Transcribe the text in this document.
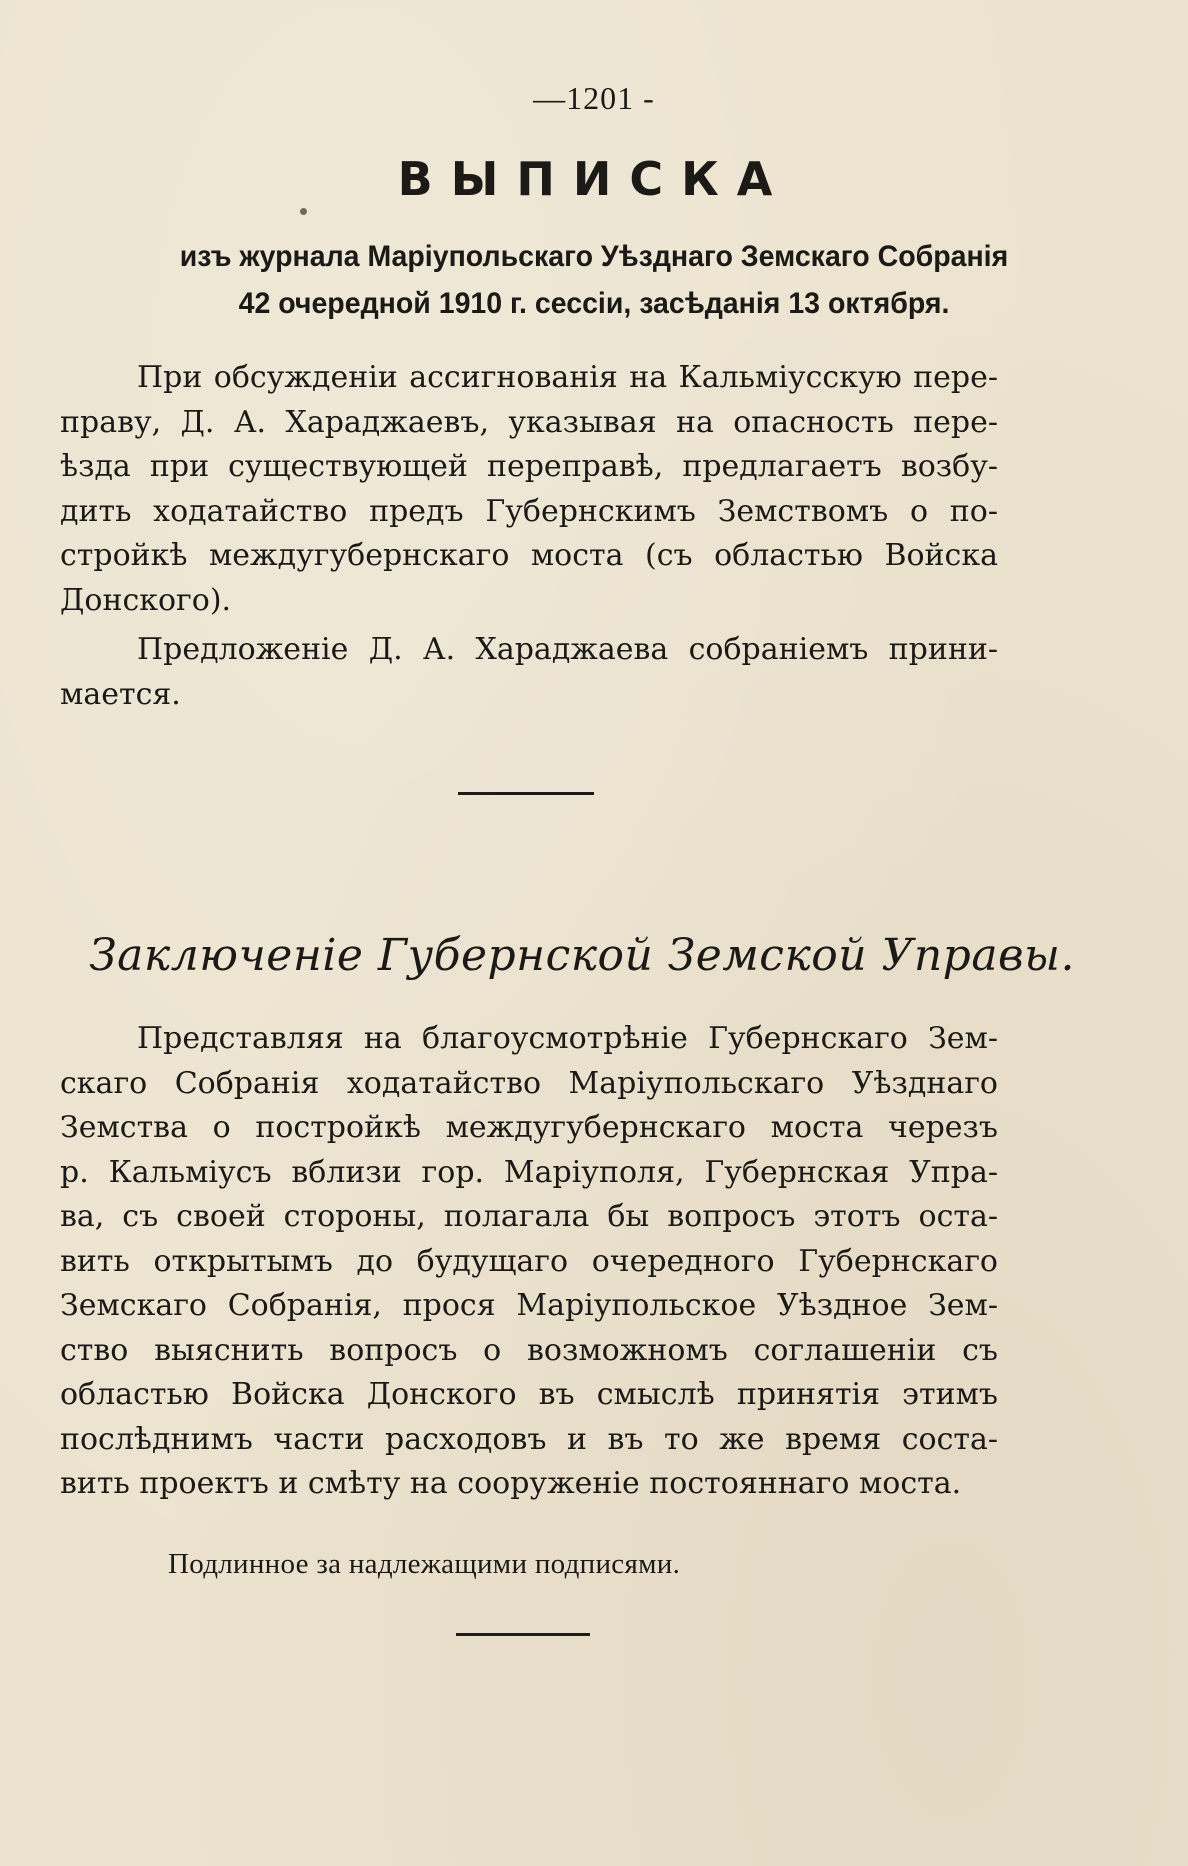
—1201 -
ВЫПИСКА
изъ журнала Маріупольскаго Уѣзднаго Земскаго Собранія
42 очередной 1910 г. сессіи, засѣданія 13 октября.
При обсужденіи ассигнованія на Кальміусскую пере-
праву, Д. А. Хараджаевъ, указывая на опасность пере-
ѣзда при существующей переправѣ, предлагаетъ возбу-
дить ходатайство предъ Губернскимъ Земствомъ о по-
стройкѣ междугубернскаго моста (съ областью Войска
Донского).
Предложеніе Д. А. Хараджаева собраніемъ прини-
мается.
Заключеніе Губернской Земской Управы.
Представляя на благоусмотрѣніе Губернскаго Зем-
скаго Собранія ходатайство Маріупольскаго Уѣзднаго
Земства о постройкѣ междугубернскаго моста черезъ
р. Кальміусъ вблизи гор. Маріуполя, Губернская Упра-
ва, съ своей стороны, полагала бы вопросъ этотъ оста-
вить открытымъ до будущаго очередного Губернскаго
Земскаго Собранія, прося Маріупольское Уѣздное Зем-
ство выяснить вопросъ о возможномъ соглашеніи съ
областью Войска Донского въ смыслѣ принятія этимъ
послѣднимъ части расходовъ и въ то же время соста-
вить проектъ и смѣту на сооруженіе постояннаго моста.
Подлинное за надлежащими подписями.
